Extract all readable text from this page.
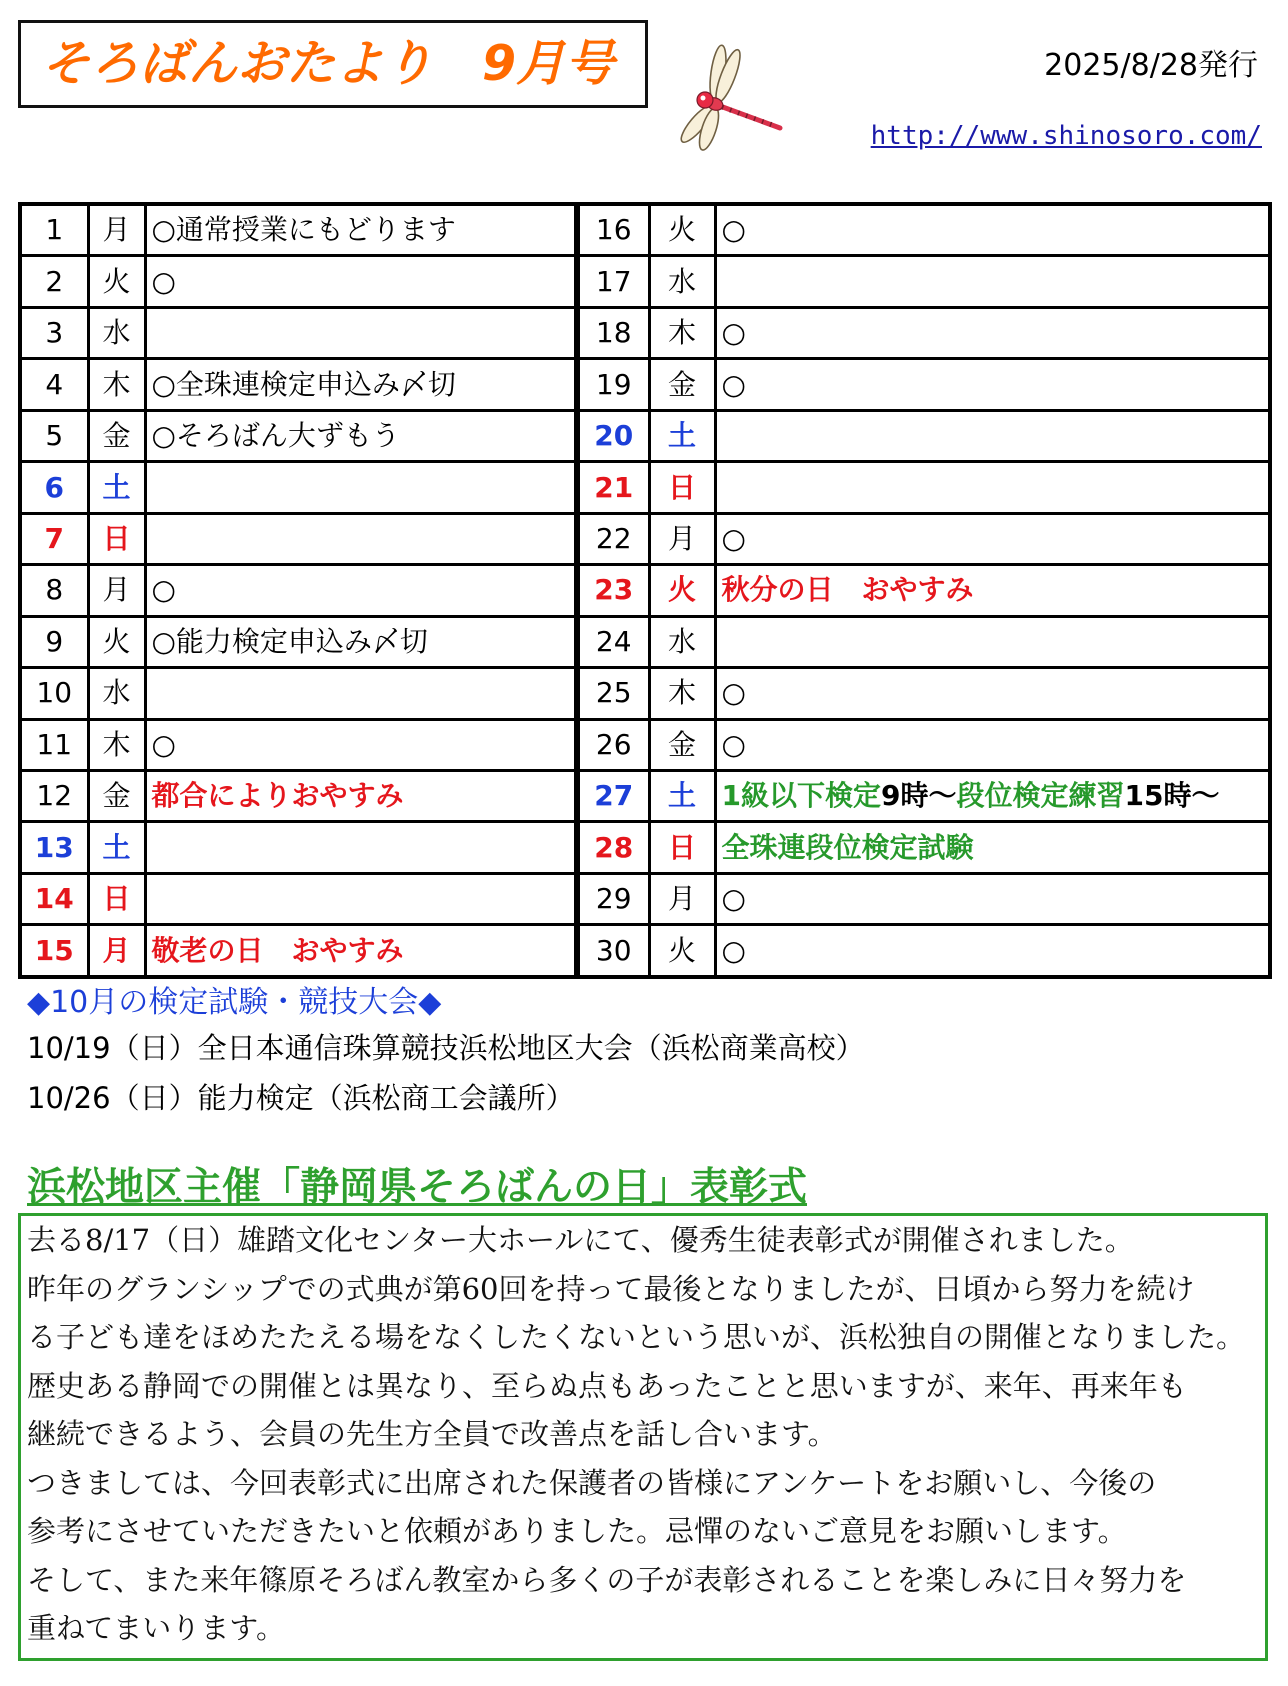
そろばんおたより　9月号	2025/8/28発行
http://www.shinosoro.com/
1	月	○通常授業にもどります	16	火	○
2	火	○	17	水	
3	水		18	木	○
4	木	○全珠連検定申込み〆切	19	金	○
5	金	○そろばん大ずもう	20	土	
6	土		21	日	
7	日		22	月	○
8	月	○	23	火	秋分の日　おやすみ
9	火	○能力検定申込み〆切	24	水	
10	水		25	木	○
11	木	○	26	金	○
12	金	都合によりおやすみ	27	土	1級以下検定9時～段位検定練習15時～
13	土		28	日	全珠連段位検定試験
14	日		29	月	○
15	月	敬老の日　おやすみ	30	火	○
◆10月の検定試験・競技大会◆
10/19（日）全日本通信珠算競技浜松地区大会（浜松商業高校）
10/26（日）能力検定（浜松商工会議所）
浜松地区主催「静岡県そろばんの日」表彰式
去る8/17（日）雄踏文化センター大ホールにて、優秀生徒表彰式が開催されました。
昨年のグランシップでの式典が第60回を持って最後となりましたが、日頃から努力を続け
る子ども達をほめたたえる場をなくしたくないという思いが、浜松独自の開催となりました。
歴史ある静岡での開催とは異なり、至らぬ点もあったことと思いますが、来年、再来年も
継続できるよう、会員の先生方全員で改善点を話し合います。
つきましては、今回表彰式に出席された保護者の皆様にアンケートをお願いし、今後の
参考にさせていただきたいと依頼がありました。忌憚のないご意見をお願いします。
そして、また来年篠原そろばん教室から多くの子が表彰されることを楽しみに日々努力を
重ねてまいります。
